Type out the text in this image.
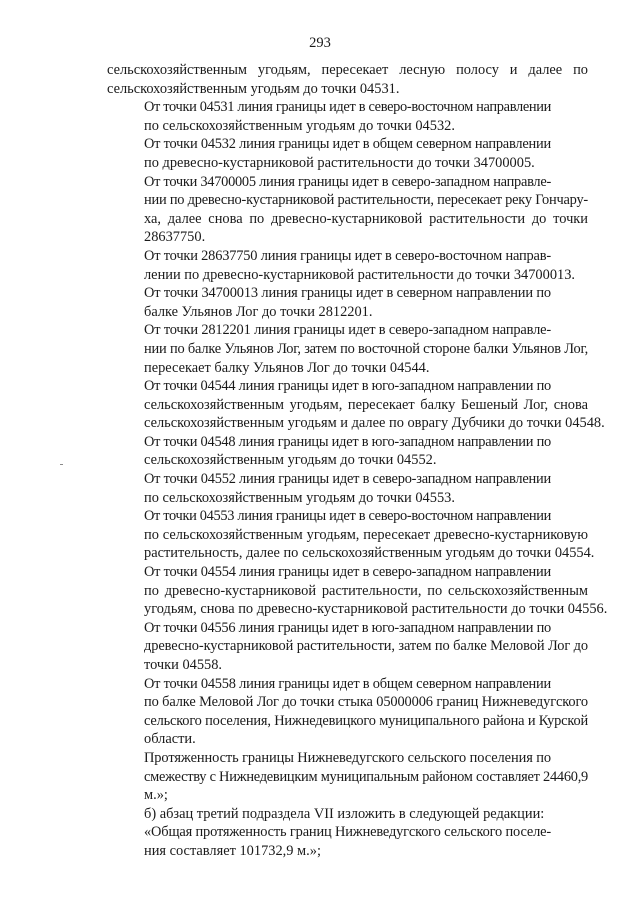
293

сельскохозяйственным угодьям, пересекает лесную полосу и далее по
сельскохозяйственным угодьям до точки 04531.

От точки 04531 линия границы идет в северо-восточном направлении
по сельскохозяйственным угодьям до точки 04532.

От точки 04532 линия границы идет в общем северном направлении
по древесно-кустарниковой растительности до точки 34700005.

От точки 34700005 линия границы идет в северо-западном направле-
нии по древесно-кустарниковой растительности, пересекает реку Гончару-
ха, далее снова по древесно-кустарниковой растительности до точки
28637750.

От точки 28637750 линия границы идет в северо-восточном направ-
лении по древесно-кустарниковой растительности до точки 34700013.

От точки 34700013 линия границы идет в северном направлении по
балке Ульянов Лог до точки 2812201.

От точки 2812201 линия границы идет в северо-западном направле-
нии по балке Ульянов Лог, затем по восточной стороне балки Ульянов Лог,
пересекает балку Ульянов Лог до точки 04544.

От точки 04544 линия границы идет в юго-западном направлении по
сельскохозяйственным угодьям, пересекает балку Бешеный Лог, снова
сельскохозяйственным угодьям и далее по оврагу Дубчики до точки 04548.

От точки 04548 линия границы идет в юго-западном направлении по
сельскохозяйственным угодьям до точки 04552.

От точки 04552 линия границы идет в северо-западном направлении
по сельскохозяйственным угодьям до точки 04553.

От точки 04553 линия границы идет в северо-восточном направлении
по сельскохозяйственным угодьям, пересекает древесно-кустарниковую
растительность, далее по сельскохозяйственным угодьям до точки 04554.

От точки 04554 линия границы идет в северо-западном направлении
по древесно-кустарниковой растительности, по сельскохозяйственным
угодьям, снова по древесно-кустарниковой растительности до точки 04556.

От точки 04556 линия границы идет в юго-западном направлении по
древесно-кустарниковой растительности, затем по балке Меловой Лог до
точки 04558.

От точки 04558 линия границы идет в общем северном направлении
по балке Меловой Лог до точки стыка 05000006 границ Нижневедугского
сельского поселения, Нижнедевицкого муниципального района и Курской
области.

Протяженность границы Нижневедугского сельского поселения по
смежеству с Нижнедевицким муниципальным районом составляет 24460,9
м.»;

б) абзац третий подраздела VII изложить в следующей редакции:

«Общая протяженность границ Нижневедугского сельского поселе-
ния составляет 101732,9 м.»;
